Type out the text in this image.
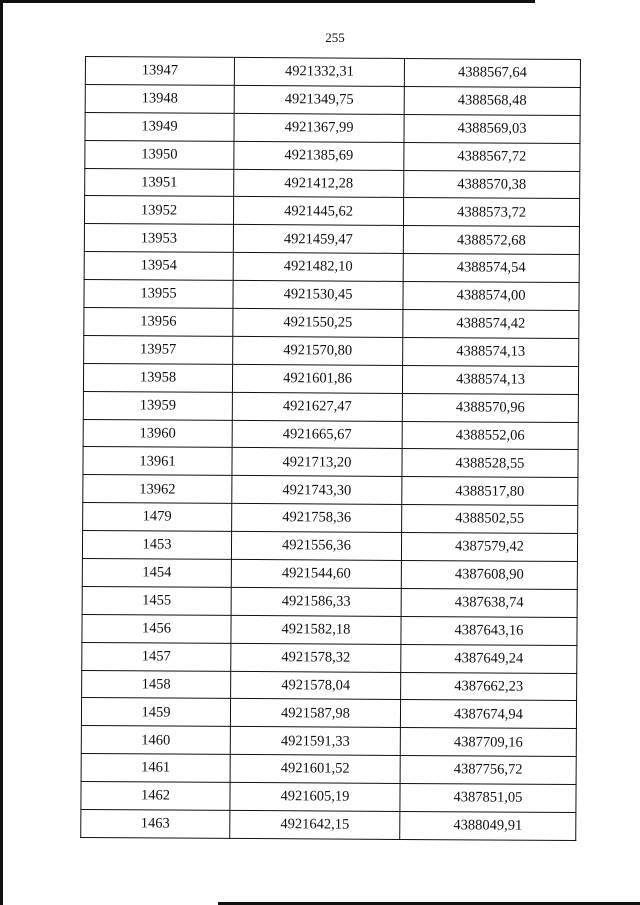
255
13947	4921332,31	4388567,64
13948	4921349,75	4388568,48
13949	4921367,99	4388569,03
13950	4921385,69	4388567,72
13951	4921412,28	4388570,38
13952	4921445,62	4388573,72
13953	4921459,47	4388572,68
13954	4921482,10	4388574,54
13955	4921530,45	4388574,00
13956	4921550,25	4388574,42
13957	4921570,80	4388574,13
13958	4921601,86	4388574,13
13959	4921627,47	4388570,96
13960	4921665,67	4388552,06
13961	4921713,20	4388528,55
13962	4921743,30	4388517,80
1479	4921758,36	4388502,55
1453	4921556,36	4387579,42
1454	4921544,60	4387608,90
1455	4921586,33	4387638,74
1456	4921582,18	4387643,16
1457	4921578,32	4387649,24
1458	4921578,04	4387662,23
1459	4921587,98	4387674,94
1460	4921591,33	4387709,16
1461	4921601,52	4387756,72
1462	4921605,19	4387851,05
1463	4921642,15	4388049,91
